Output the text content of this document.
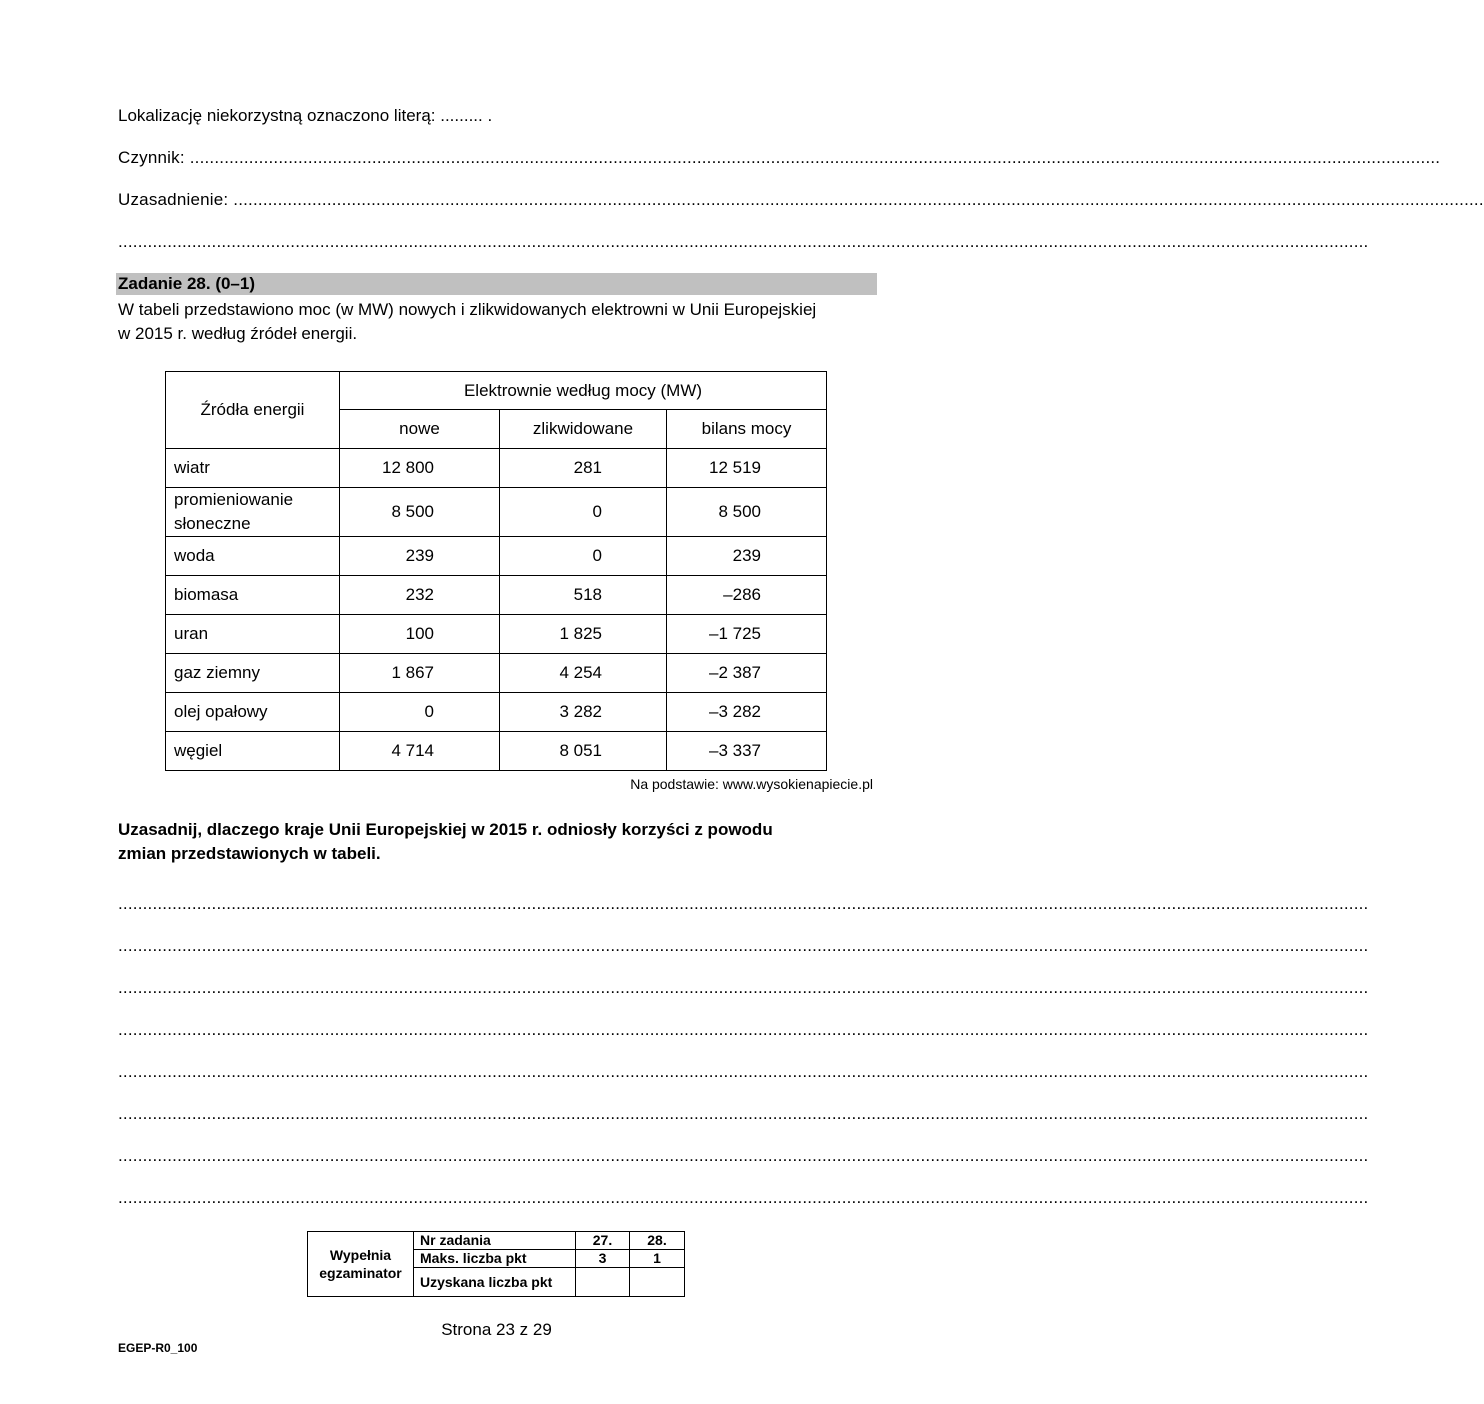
Lokalizację niekorzystną oznaczono literą: ......... .
Czynnik: ..............................................................................................................................................................................................................................................................
Uzasadnienie: ..............................................................................................................................................................................................................................................................
..............................................................................................................................................................................................................................................................
Zadanie 28. (0–1)
W tabeli przedstawiono moc (w MW) nowych i zlikwidowanych elektrowni w Unii Europejskiej
w 2015 r. według źródeł energii.
Źródła energii	Elektrownie według mocy (MW)		
	nowe	zlikwidowane	bilans mocy
wiatr	12 800	281	12 519
promieniowanie
słoneczne	8 500	0	8 500
woda	239	0	239
biomasa	232	518	–286
uran	100	1 825	–1 725
gaz ziemny	1 867	4 254	–2 387
olej opałowy	0	3 282	–3 282
węgiel	4 714	8 051	–3 337
Na podstawie: www.wysokienapiecie.pl
Uzasadnij, dlaczego kraje Unii Europejskiej w 2015 r. odniosły korzyści z powodu
zmian przedstawionych w tabeli.
..............................................................................................................................................................................................................................................................
..............................................................................................................................................................................................................................................................
..............................................................................................................................................................................................................................................................
..............................................................................................................................................................................................................................................................
..............................................................................................................................................................................................................................................................
..............................................................................................................................................................................................................................................................
..............................................................................................................................................................................................................................................................
..............................................................................................................................................................................................................................................................
Wypełnia
egzaminator	Nr zadania	27.	28.
	Maks. liczba pkt	3	1
	Uzyskana liczba pkt		
Strona 23 z 29
EGEP-R0_100
